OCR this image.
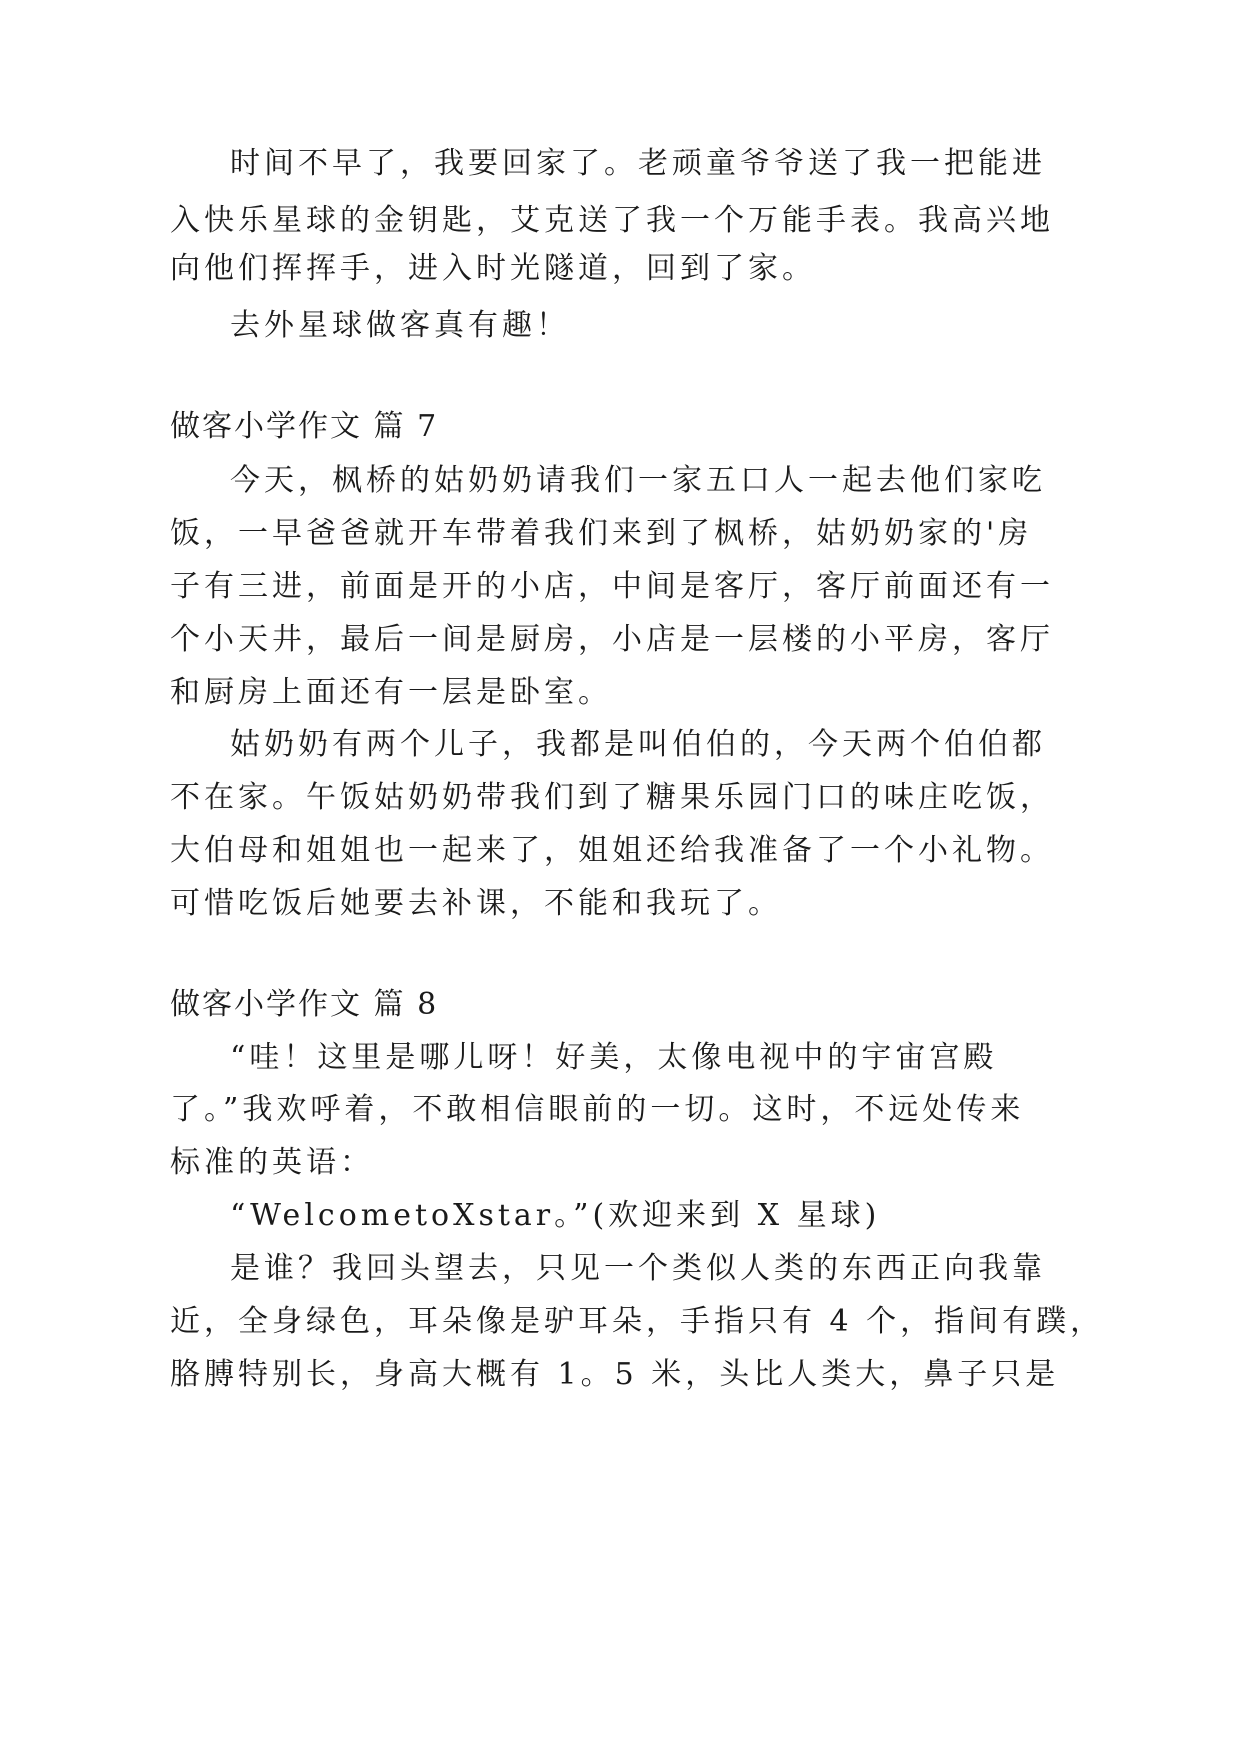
时间不早了，我要回家了。老顽童爷爷送了我一把能进
入快乐星球的金钥匙，艾克送了我一个万能手表。我高兴地
向他们挥挥手，进入时光隧道，回到了家。
去外星球做客真有趣！
做客小学作文 篇 7
今天，枫桥的姑奶奶请我们一家五口人一起去他们家吃
饭，一早爸爸就开车带着我们来到了枫桥，姑奶奶家的'房
子有三进，前面是开的小店，中间是客厅，客厅前面还有一
个小天井，最后一间是厨房，小店是一层楼的小平房，客厅
和厨房上面还有一层是卧室。
姑奶奶有两个儿子，我都是叫伯伯的，今天两个伯伯都
不在家。午饭姑奶奶带我们到了糖果乐园门口的味庄吃饭，
大伯母和姐姐也一起来了，姐姐还给我准备了一个小礼物。
可惜吃饭后她要去补课，不能和我玩了。
做客小学作文 篇 8
“哇！这里是哪儿呀！好美，太像电视中的宇宙宫殿
了。”我欢呼着，不敢相信眼前的一切。这时，不远处传来
标准的英语：
“WelcometoXstar。”(欢迎来到 X 星球)
是谁？我回头望去，只见一个类似人类的东西正向我靠
近，全身绿色，耳朵像是驴耳朵，手指只有 4 个，指间有蹼，
胳膊特别长，身高大概有 1。5 米，头比人类大，鼻子只是
